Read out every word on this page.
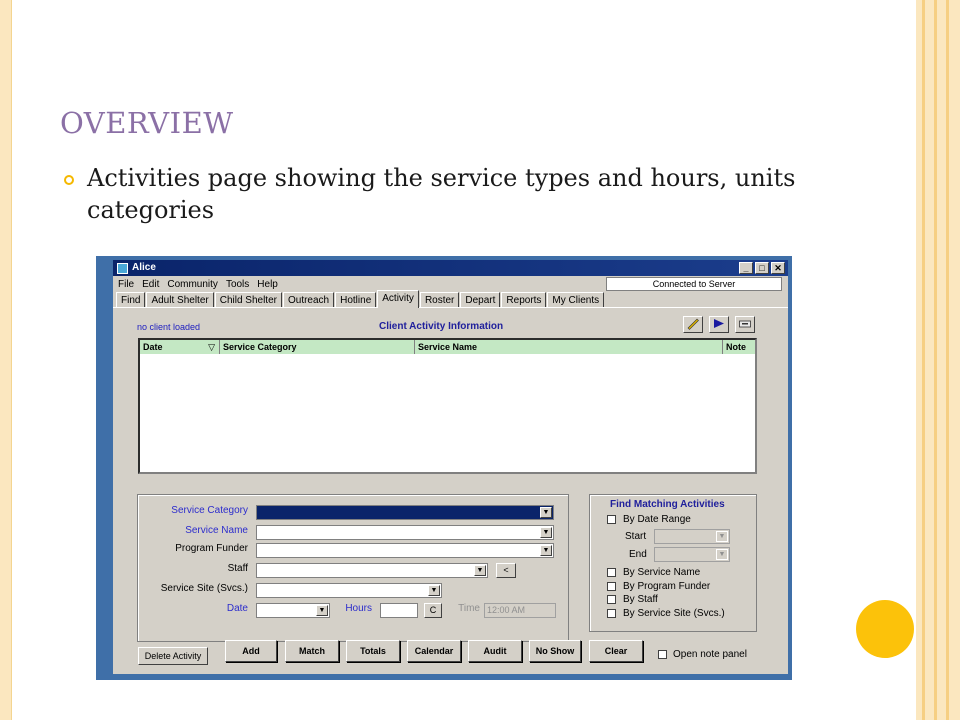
OVERVIEW
Activities page showing the service types and hours, units categories
Alice	_	□	✕
File Edit Community Tools Help	Connected to Server
Find	Adult Shelter	Child Shelter	Outreach	Hotline	Activity	Roster	Depart	Reports	My Clients
no client loaded	Client Activity Information
Date	▽ Service Category	Service Name	Note
Service Category	▼
Service Name	▼
Program Funder	▼
Staff	▼	<
Service Site (Svcs.)	▼
Date	▼	Hours	C	Time 12:00 AM
Find Matching Activities
By Date Range
Start	▼
End	▼
By Service Name
By Program Funder
By Staff
By Service Site (Svcs.)
Delete Activity	Add	Match	Totals	Calendar	Audit	No Show	Clear	Open note panel
